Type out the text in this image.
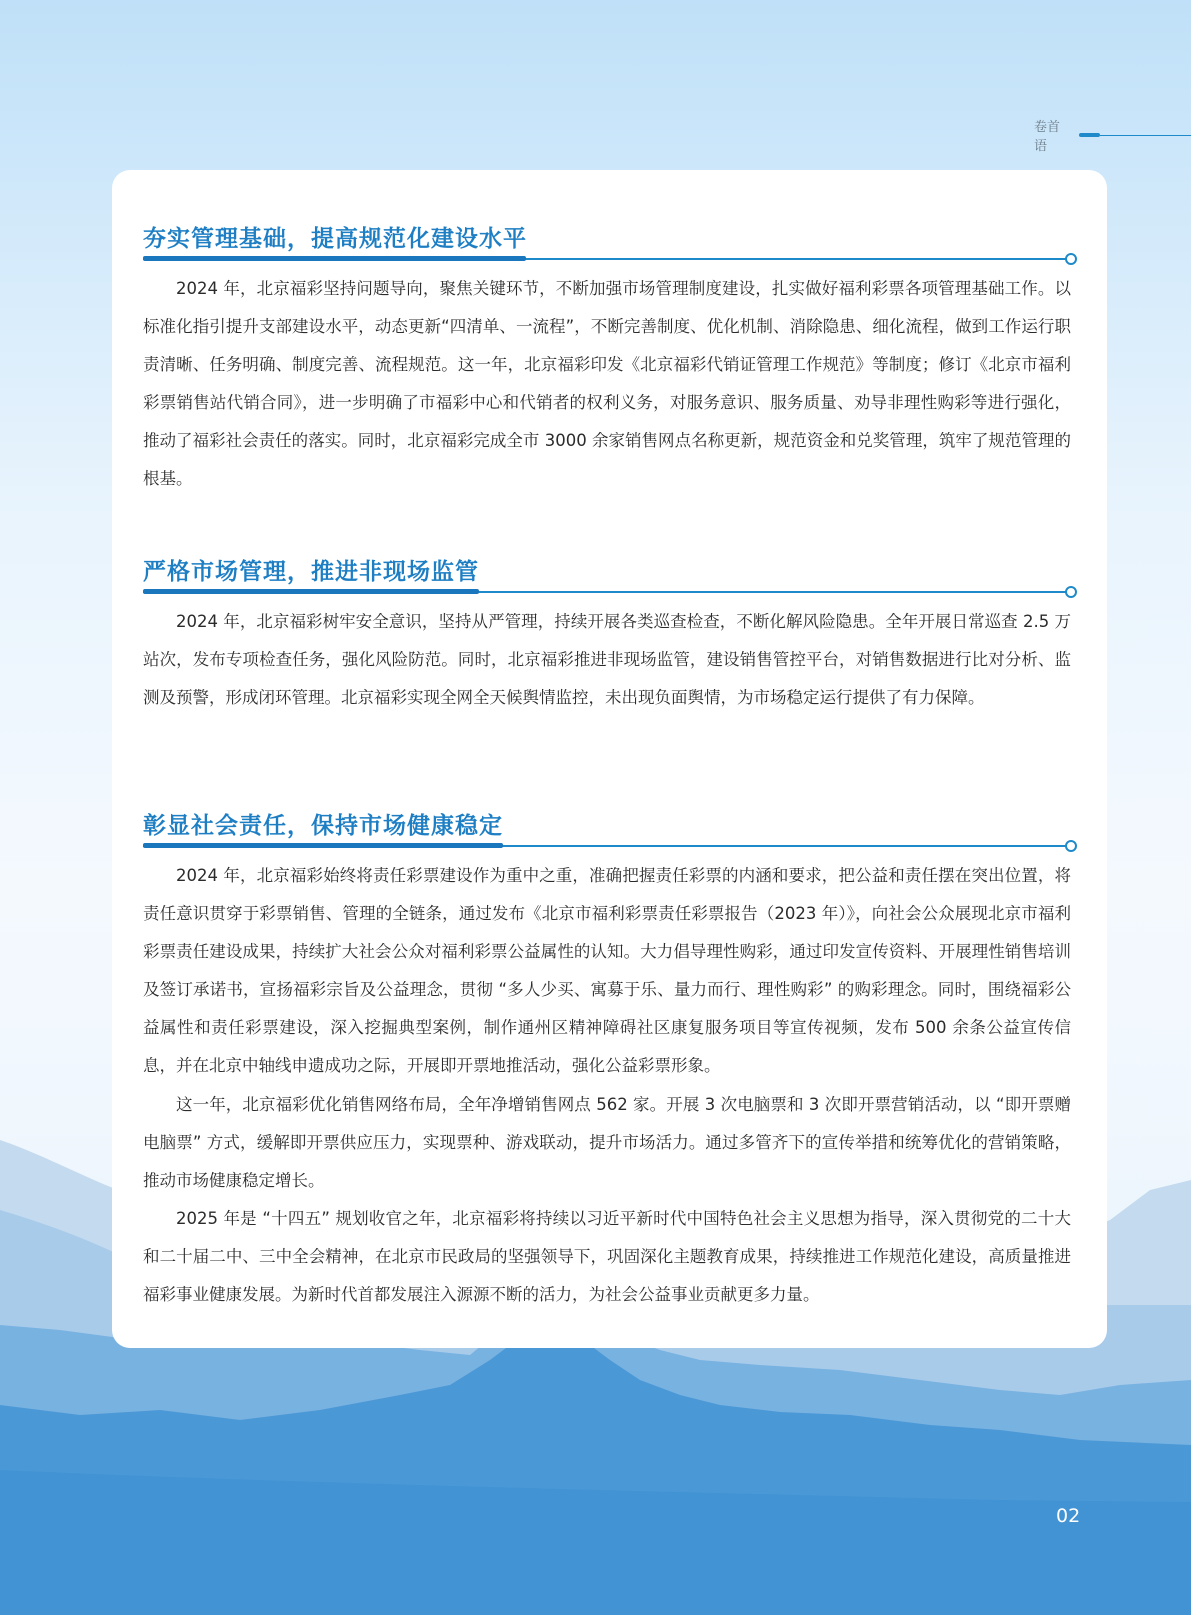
卷首语
夯实管理基础，提高规范化建设水平

2024 年，北京福彩坚持问题导向，聚焦关键环节，不断加强市场管理制度建设，扎实做好福利彩票各项管理基础工作。以标准化指引提升支部建设水平，动态更新“四清单、一流程”，不断完善制度、优化机制、消除隐患、细化流程，做到工作运行职责清晰、任务明确、制度完善、流程规范。这一年，北京福彩印发《北京福彩代销证管理工作规范》等制度；修订《北京市福利彩票销售站代销合同》，进一步明确了市福彩中心和代销者的权利义务，对服务意识、服务质量、劝导非理性购彩等进行强化，推动了福彩社会责任的落实。同时，北京福彩完成全市 3000 余家销售网点名称更新，规范资金和兑奖管理，筑牢了规范管理的根基。

严格市场管理，推进非现场监管

2024 年，北京福彩树牢安全意识，坚持从严管理，持续开展各类巡查检查，不断化解风险隐患。全年开展日常巡查 2.5 万站次，发布专项检查任务，强化风险防范。同时，北京福彩推进非现场监管，建设销售管控平台，对销售数据进行比对分析、监测及预警，形成闭环管理。北京福彩实现全网全天候舆情监控，未出现负面舆情，为市场稳定运行提供了有力保障。

彰显社会责任，保持市场健康稳定

2024 年，北京福彩始终将责任彩票建设作为重中之重，准确把握责任彩票的内涵和要求，把公益和责任摆在突出位置，将责任意识贯穿于彩票销售、管理的全链条，通过发布《北京市福利彩票责任彩票报告（2023 年）》，向社会公众展现北京市福利彩票责任建设成果，持续扩大社会公众对福利彩票公益属性的认知。大力倡导理性购彩，通过印发宣传资料、开展理性销售培训及签订承诺书，宣扬福彩宗旨及公益理念，贯彻 “多人少买、寓募于乐、量力而行、理性购彩” 的购彩理念。同时，围绕福彩公益属性和责任彩票建设，深入挖掘典型案例，制作通州区精神障碍社区康复服务项目等宣传视频，发布 500 余条公益宣传信息，并在北京中轴线申遗成功之际，开展即开票地推活动，强化公益彩票形象。

这一年，北京福彩优化销售网络布局，全年净增销售网点 562 家。开展 3 次电脑票和 3 次即开票营销活动，以 “即开票赠电脑票” 方式，缓解即开票供应压力，实现票种、游戏联动，提升市场活力。通过多管齐下的宣传举措和统筹优化的营销策略，推动市场健康稳定增长。

2025 年是 “十四五” 规划收官之年，北京福彩将持续以习近平新时代中国特色社会主义思想为指导，深入贯彻党的二十大和二十届二中、三中全会精神，在北京市民政局的坚强领导下，巩固深化主题教育成果，持续推进工作规范化建设，高质量推进福彩事业健康发展。为新时代首都发展注入源源不断的活力，为社会公益事业贡献更多力量。

02
